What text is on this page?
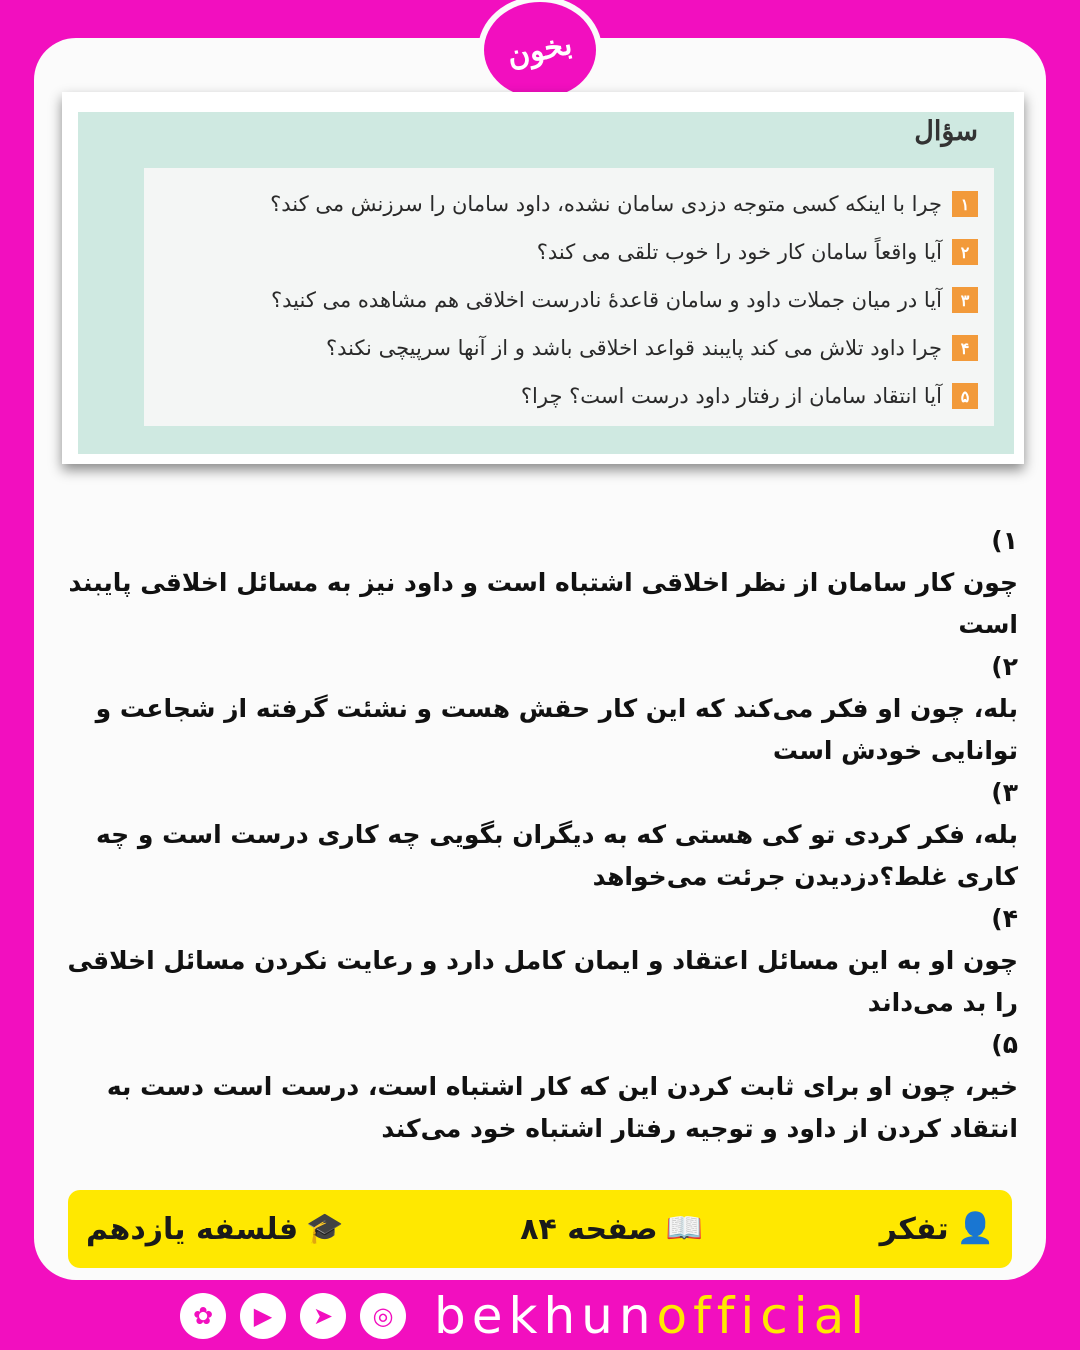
بخون
سؤال
۱
چرا با اینکه کسی متوجه دزدی سامان نشده، داود سامان را سرزنش می کند؟
۲
آیا واقعاً سامان کار خود را خوب تلقی می کند؟
۳
آیا در میان جملات داود و سامان قاعدهٔ نادرست اخلاقی هم مشاهده می کنید؟
۴
چرا داود تلاش می کند پایبند قواعد اخلاقی باشد و از آنها سرپیچی نکند؟
۵
آیا انتقاد سامان از رفتار داود درست است؟ چرا؟
۱)

چون کار سامان از نظر اخلاقی اشتباه است و داود نیز به مسائل اخلاقی پایبند است

۲)

بله، چون او فکر می‌کند که این کار حقش هست و نشئت گرفته از شجاعت و توانایی خودش است

۳)

بله، فکر کردی تو کی هستی که به دیگران بگویی چه کاری درست است و چه کاری غلط؟دزدیدن جرئت می‌خواهد

۴)

چون او به این مسائل اعتقاد و ایمان کامل دارد و رعایت نکردن مسائل اخلاقی را بد می‌داند

۵)

خیر، چون او برای ثابت کردن این که کار اشتباه است، درست است دست به انتقاد کردن از داود و توجیه رفتار اشتباه خود می‌کند

👤
تفکر
📖
صفحه ۸۴
🎓
فلسفه یازدهم
✿	▶	➤	◎ bekhunofficial
